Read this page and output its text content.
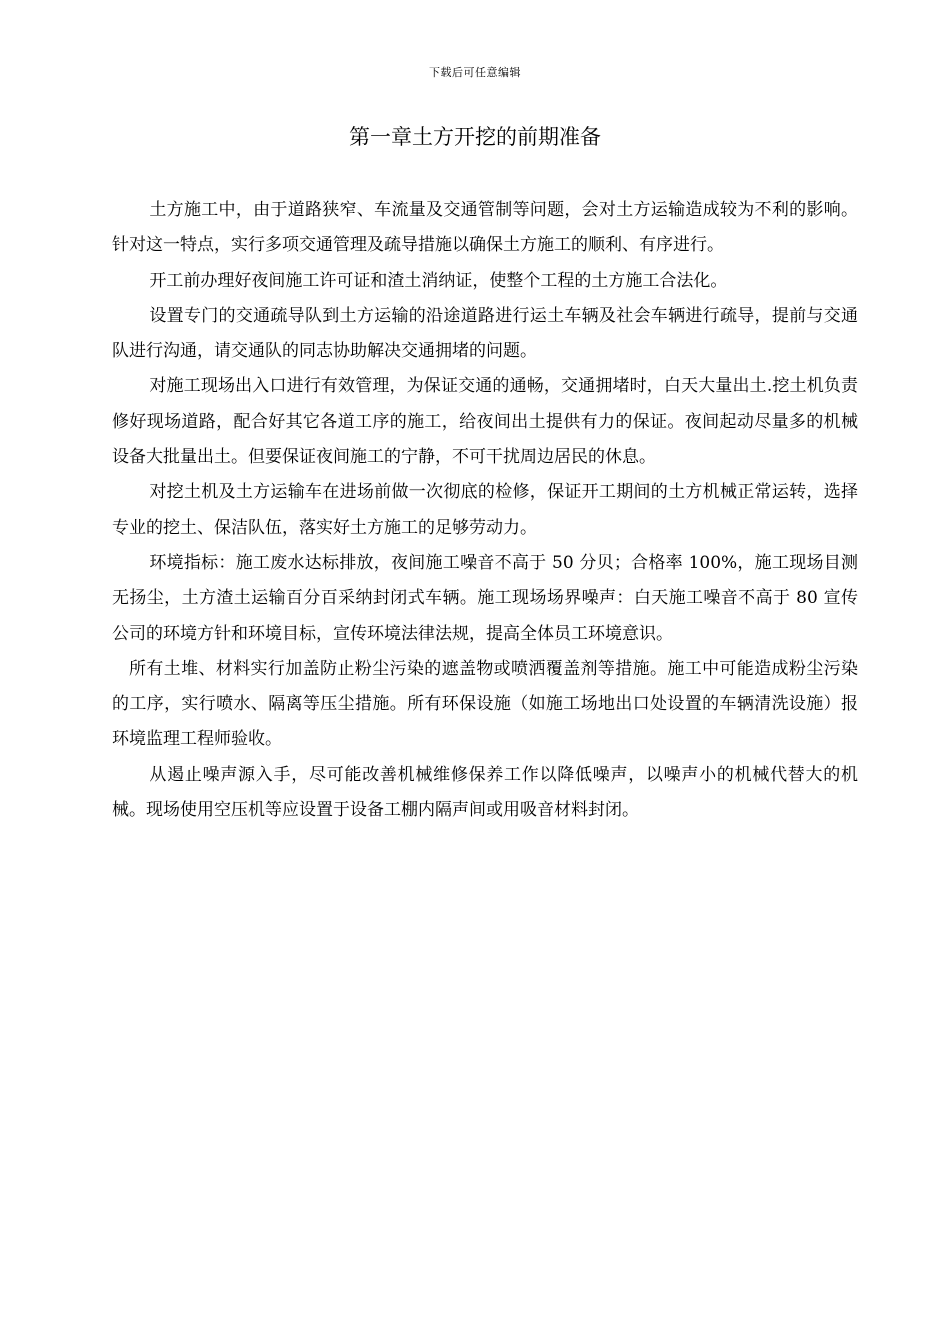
下载后可任意编辑
第一章土方开挖的前期准备

土方施工中，由于道路狭窄、车流量及交通管制等问题，会对土方运输造成较为不利的影响。针对这一特点，实行多项交通管理及疏导措施以确保土方施工的顺利、有序进行。

开工前办理好夜间施工许可证和渣土消纳证，使整个工程的土方施工合法化。

设置专门的交通疏导队到土方运输的沿途道路进行运土车辆及社会车辆进行疏导，提前与交通队进行沟通，请交通队的同志协助解决交通拥堵的问题。

对施工现场出入口进行有效管理，为保证交通的通畅，交通拥堵时，白天大量出土.挖土机负责修好现场道路，配合好其它各道工序的施工，给夜间出土提供有力的保证。夜间起动尽量多的机械设备大批量出土。但要保证夜间施工的宁静，不可干扰周边居民的休息。

对挖土机及土方运输车在进场前做一次彻底的检修，保证开工期间的土方机械正常运转，选择专业的挖土、保洁队伍，落实好土方施工的足够劳动力。

环境指标：施工废水达标排放，夜间施工噪音不高于 50 分贝；合格率 100%，施工现场目测无扬尘，土方渣土运输百分百采纳封闭式车辆。施工现场场界噪声：白天施工噪音不高于 80 宣传公司的环境方针和环境目标，宣传环境法律法规，提高全体员工环境意识。

所有土堆、材料实行加盖防止粉尘污染的遮盖物或喷洒覆盖剂等措施。施工中可能造成粉尘污染的工序，实行喷水、隔离等压尘措施。所有环保设施（如施工场地出口处设置的车辆清洗设施）报环境监理工程师验收。

从遏止噪声源入手，尽可能改善机械维修保养工作以降低噪声，以噪声小的机械代替大的机械。现场使用空压机等应设置于设备工棚内隔声间或用吸音材料封闭。
